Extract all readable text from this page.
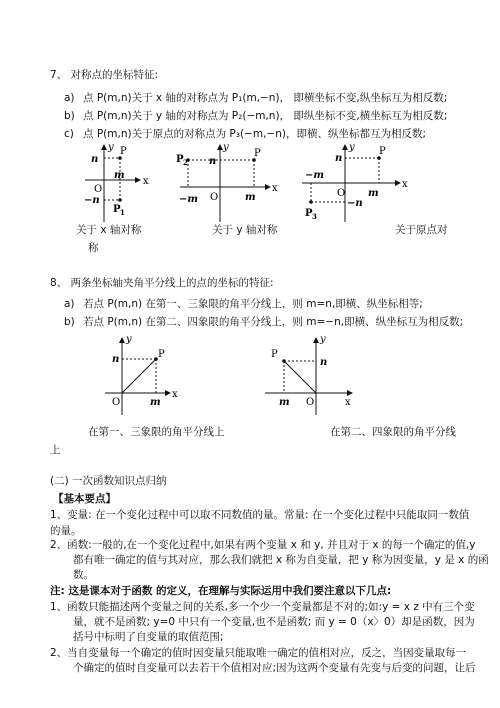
7、 对称点的坐标特征:
a) 点 P(m,n)关于 x 轴的对称点为 P₁(m,−n)， 即横坐标不变,纵坐标互为相反数;
b) 点 P(m,n)关于 y 轴的对称点为 P₂(−m,n)， 即纵坐标不变,横坐标互为相反数;
c) 点 P(m,n)关于原点的对称点为 P₃(−m,−n)，即横、纵坐标都互为相反数;
y
x
n
−n
O
m
P
P 1
y
x
P 2 n
P
−m O	m
y
x
P
n
−m
O m
−n
P 3
关于 x 轴对称
称
关于 y 轴对称	关于原点对
8、 两条坐标轴夹角平分线上的点的坐标的特征:
a) 若点 P(m,n) 在第一、三象限的角平分线上，则 m=n,即横、纵坐标相等;
b) 若点 P(m,n) 在第二、四象限的角平分线上，则 m=−n,即横、纵坐标互为相反数;
y
x
P
n
O	m
y
x
P
n
m O
在第一、三象限的角平分线上	在第二、四象限的角平分线
上
(二) 一次函数知识点归纳
【基本要点】
1、变量: 在一个变化过程中可以取不同数值的量。常量: 在一个变化过程中只能取同一数值
的量。
2、函数:一般的,在一个变化过程中,如果有两个变量 x 和 y, 并且对于 x 的每一个确定的值,y
都有唯一确定的值与其对应，那么我们就把 x 称为自变量，把 y 称为因变量，y 是 x 的函
数。
注: 这是课本对于函数 的定义，在理解与实际运用中我们要注意以下几点:
1、函数只能描述两个变量之间的关系,多一个少一个变量都是不对的;如:y = x z 中有三个变
量，就不是函数; y=0 中只有一个变量,也不是函数; 而 y = 0（x〉0）却是函数，因为
括号中标明了自变量的取值范围;
2、当自变量每一个确定的值时因变量只能取唯一确定的值相对应，反之，当因变量取每一
个确定的值时自变量可以去若干个值相对应;因为这两个变量有先变与后变的问题，让后
